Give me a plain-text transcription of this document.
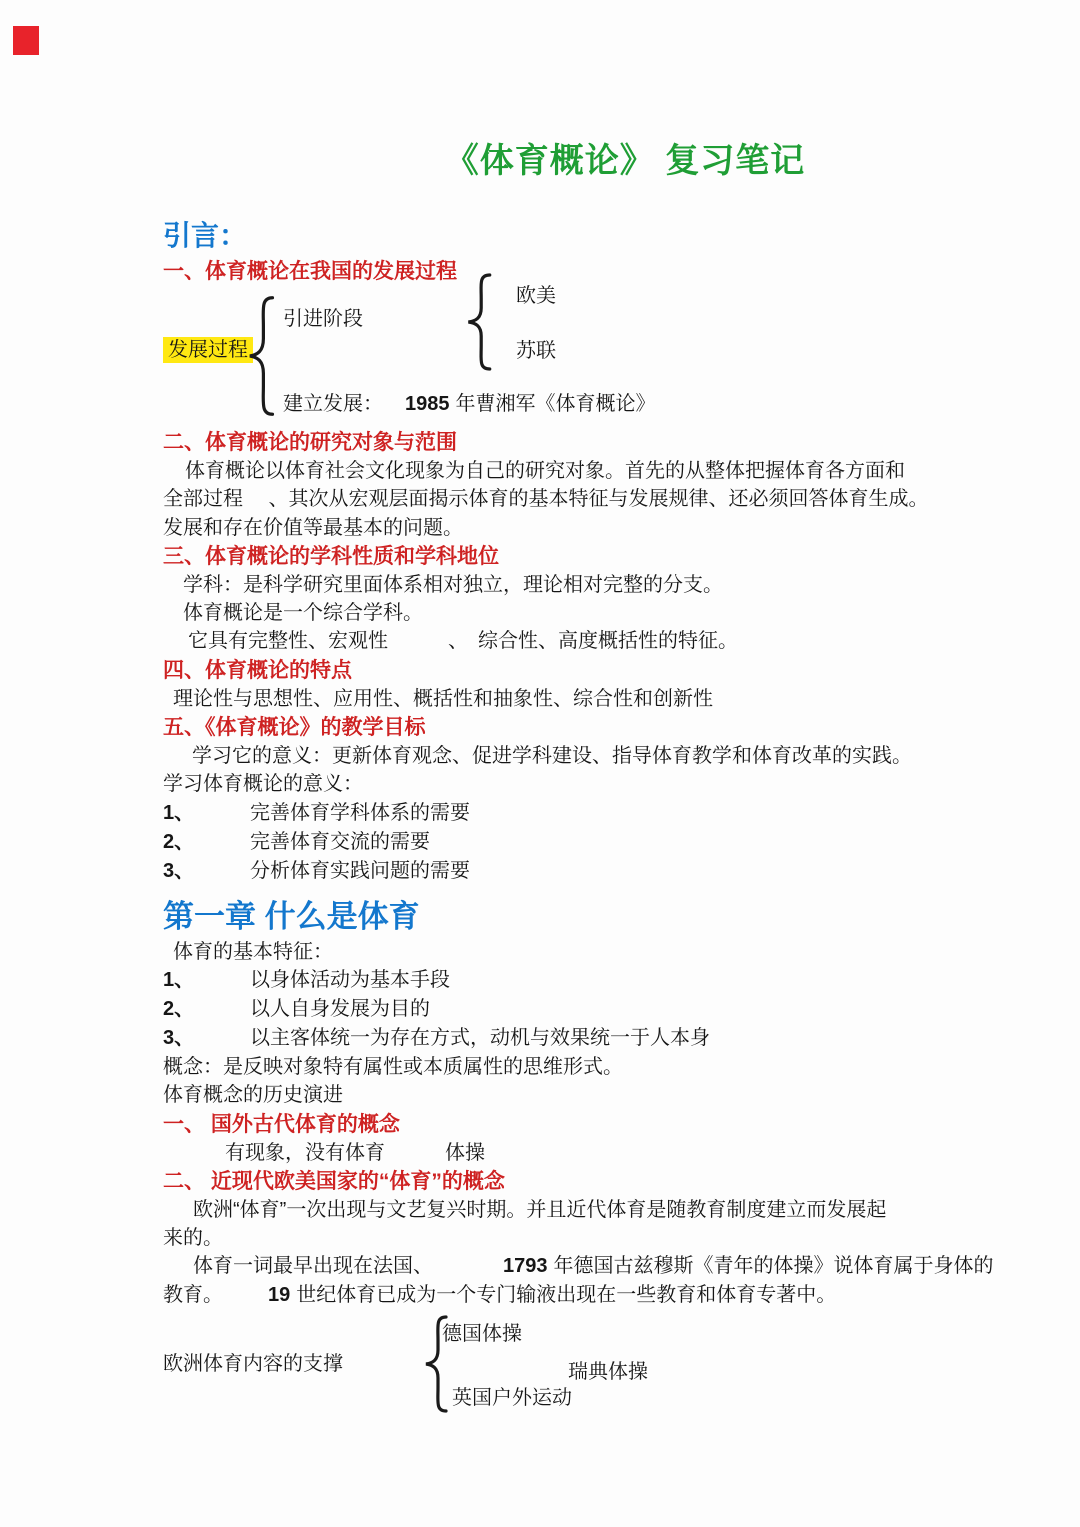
《体育概论》 复习笔记
引言：
一、体育概论在我国的发展过程
发展过程
引进阶段
欧美
苏联
建立发展： 1985 年曹湘军《体育概论》
二、体育概论的研究对象与范围
体育概论以体育社会文化现象为自己的研究对象。首先的从整体把握体育各方面和
全部过程　 、其次从宏观层面揭示体育的基本特征与发展规律、还必须回答体育生成。
发展和存在价值等最基本的问题。
三、体育概论的学科性质和学科地位
学科：是科学研究里面体系相对独立，理论相对完整的分支。
体育概论是一个综合学科。
它具有完整性、宏观性　　　、　综合性、高度概括性的特征。
四、体育概论的特点
理论性与思想性、应用性、概括性和抽象性、综合性和创新性
五、《体育概论》的教学目标
学习它的意义：更新体育观念、促进学科建设、指导体育教学和体育改革的实践。
学习体育概论的意义：
1、	完善体育学科体系的需要
2、	完善体育交流的需要
3、	分析体育实践问题的需要
第一章 什么是体育
体育的基本特征：
1、	以身体活动为基本手段
2、	以人自身发展为目的
3、	以主客体统一为存在方式，动机与效果统一于人本身
概念：是反映对象特有属性或本质属性的思维形式。
体育概念的历史演进
一、 国外古代体育的概念
有现象，没有体育　　　体操
二、 近现代欧美国家的“体育”的概念
欧洲“体育”一次出现与文艺复兴时期。并且近代体育是随教育制度建立而发展起
来的。
体育一词最早出现在法国、	1793 年德国古兹穆斯《青年的体操》说体育属于身体的
教育。 19 世纪体育已成为一个专门输液出现在一些教育和体育专著中。
欧洲体育内容的支撑
德国体操
瑞典体操
英国户外运动
